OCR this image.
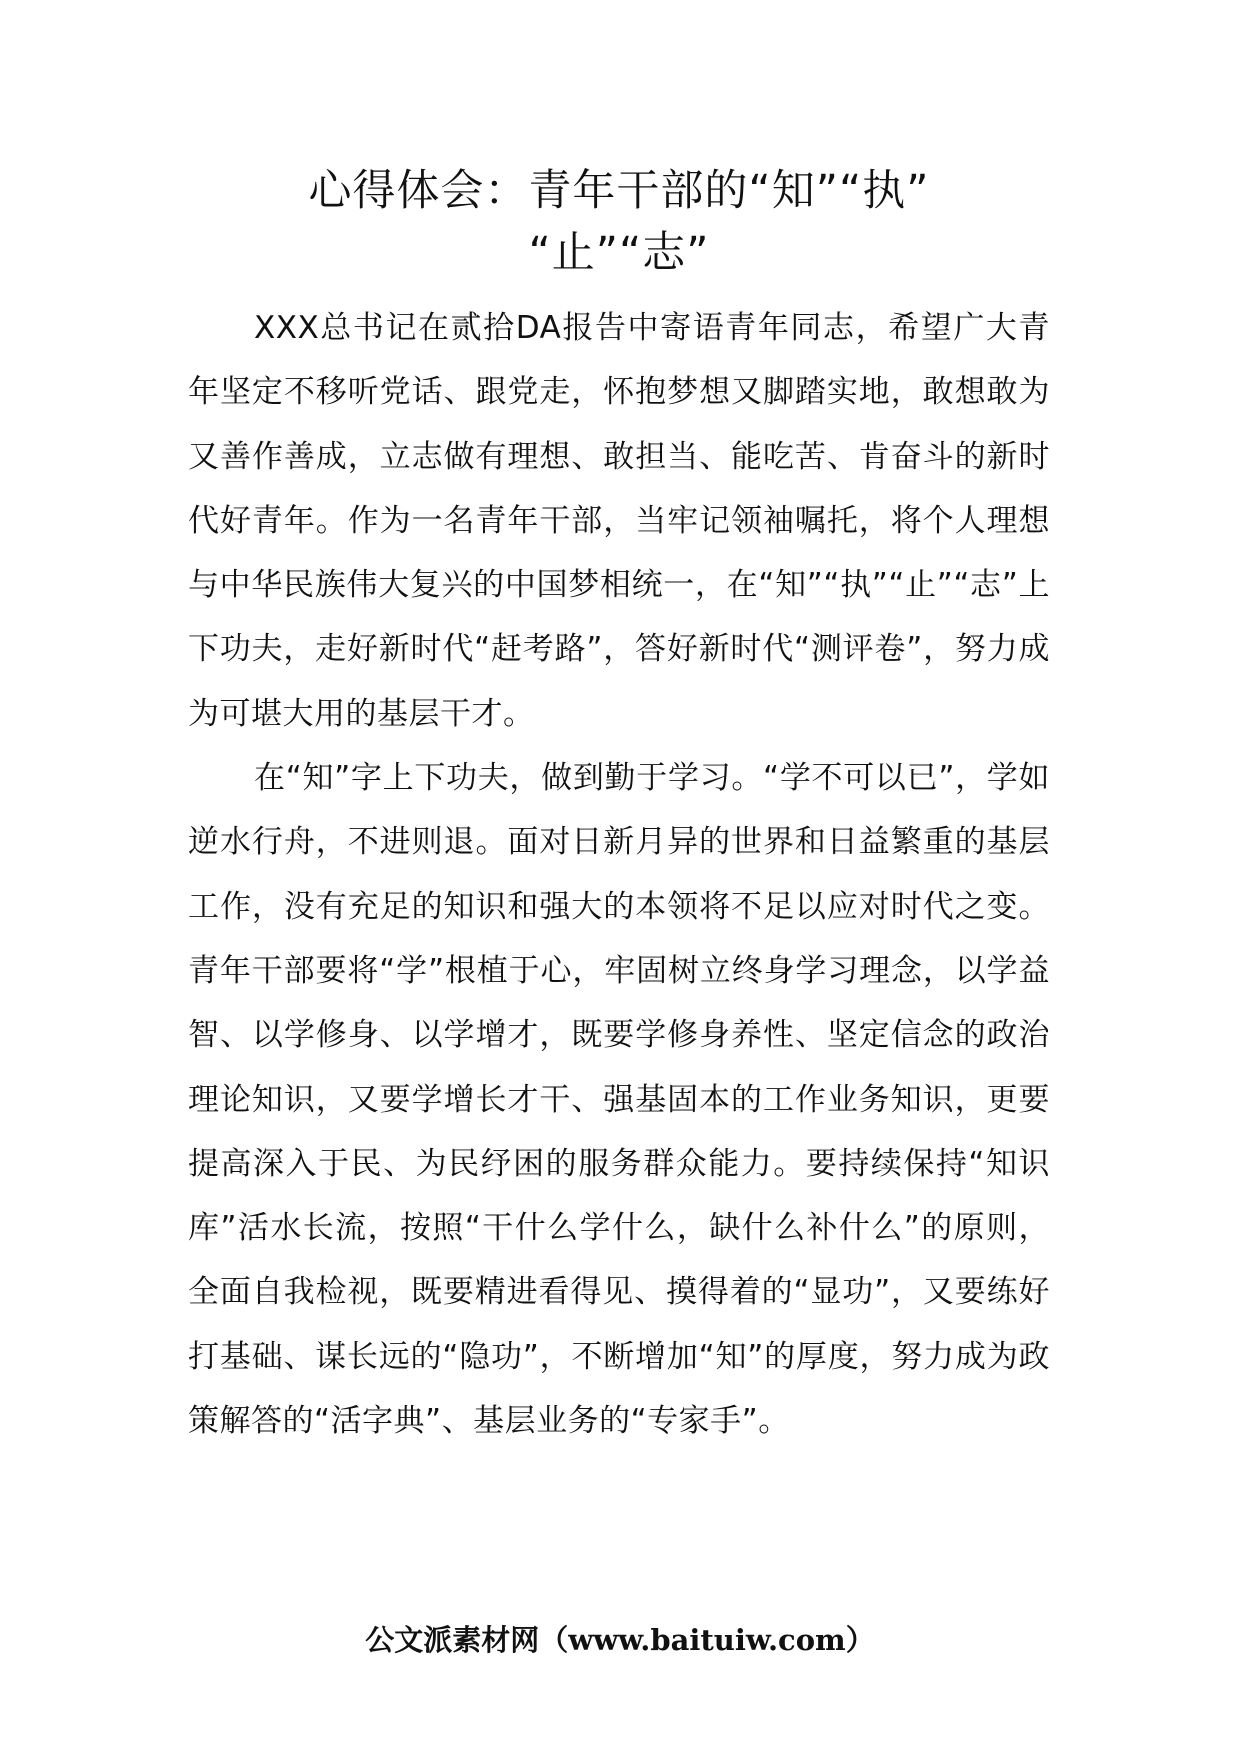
心得体会：青年干部的“知”“执”
“止”“志”

XXX总书记在贰拾DA报告中寄语青年同志，希望广大青年坚定不移听党话、跟党走，怀抱梦想又脚踏实地，敢想敢为又善作善成，立志做有理想、敢担当、能吃苦、肯奋斗的新时代好青年。作为一名青年干部，当牢记领袖嘱托，将个人理想与中华民族伟大复兴的中国梦相统一，在“知”“执”“止”“志”上下功夫，走好新时代“赶考路”，答好新时代“测评卷”，努力成为可堪大用的基层干才。

在“知”字上下功夫，做到勤于学习。“学不可以已”，学如逆水行舟，不进则退。面对日新月异的世界和日益繁重的基层工作，没有充足的知识和强大的本领将不足以应对时代之变。青年干部要将“学”根植于心，牢固树立终身学习理念，以学益智、以学修身、以学增才，既要学修身养性、坚定信念的政治理论知识，又要学增长才干、强基固本的工作业务知识，更要提高深入于民、为民纾困的服务群众能力。要持续保持“知识库”活水长流，按照“干什么学什么，缺什么补什么”的原则，全面自我检视，既要精进看得见、摸得着的“显功”，又要练好打基础、谋长远的“隐功”，不断增加“知”的厚度，努力成为政策解答的“活字典”、基层业务的“专家手”。

公文派素材网（www.baituiw.com）
